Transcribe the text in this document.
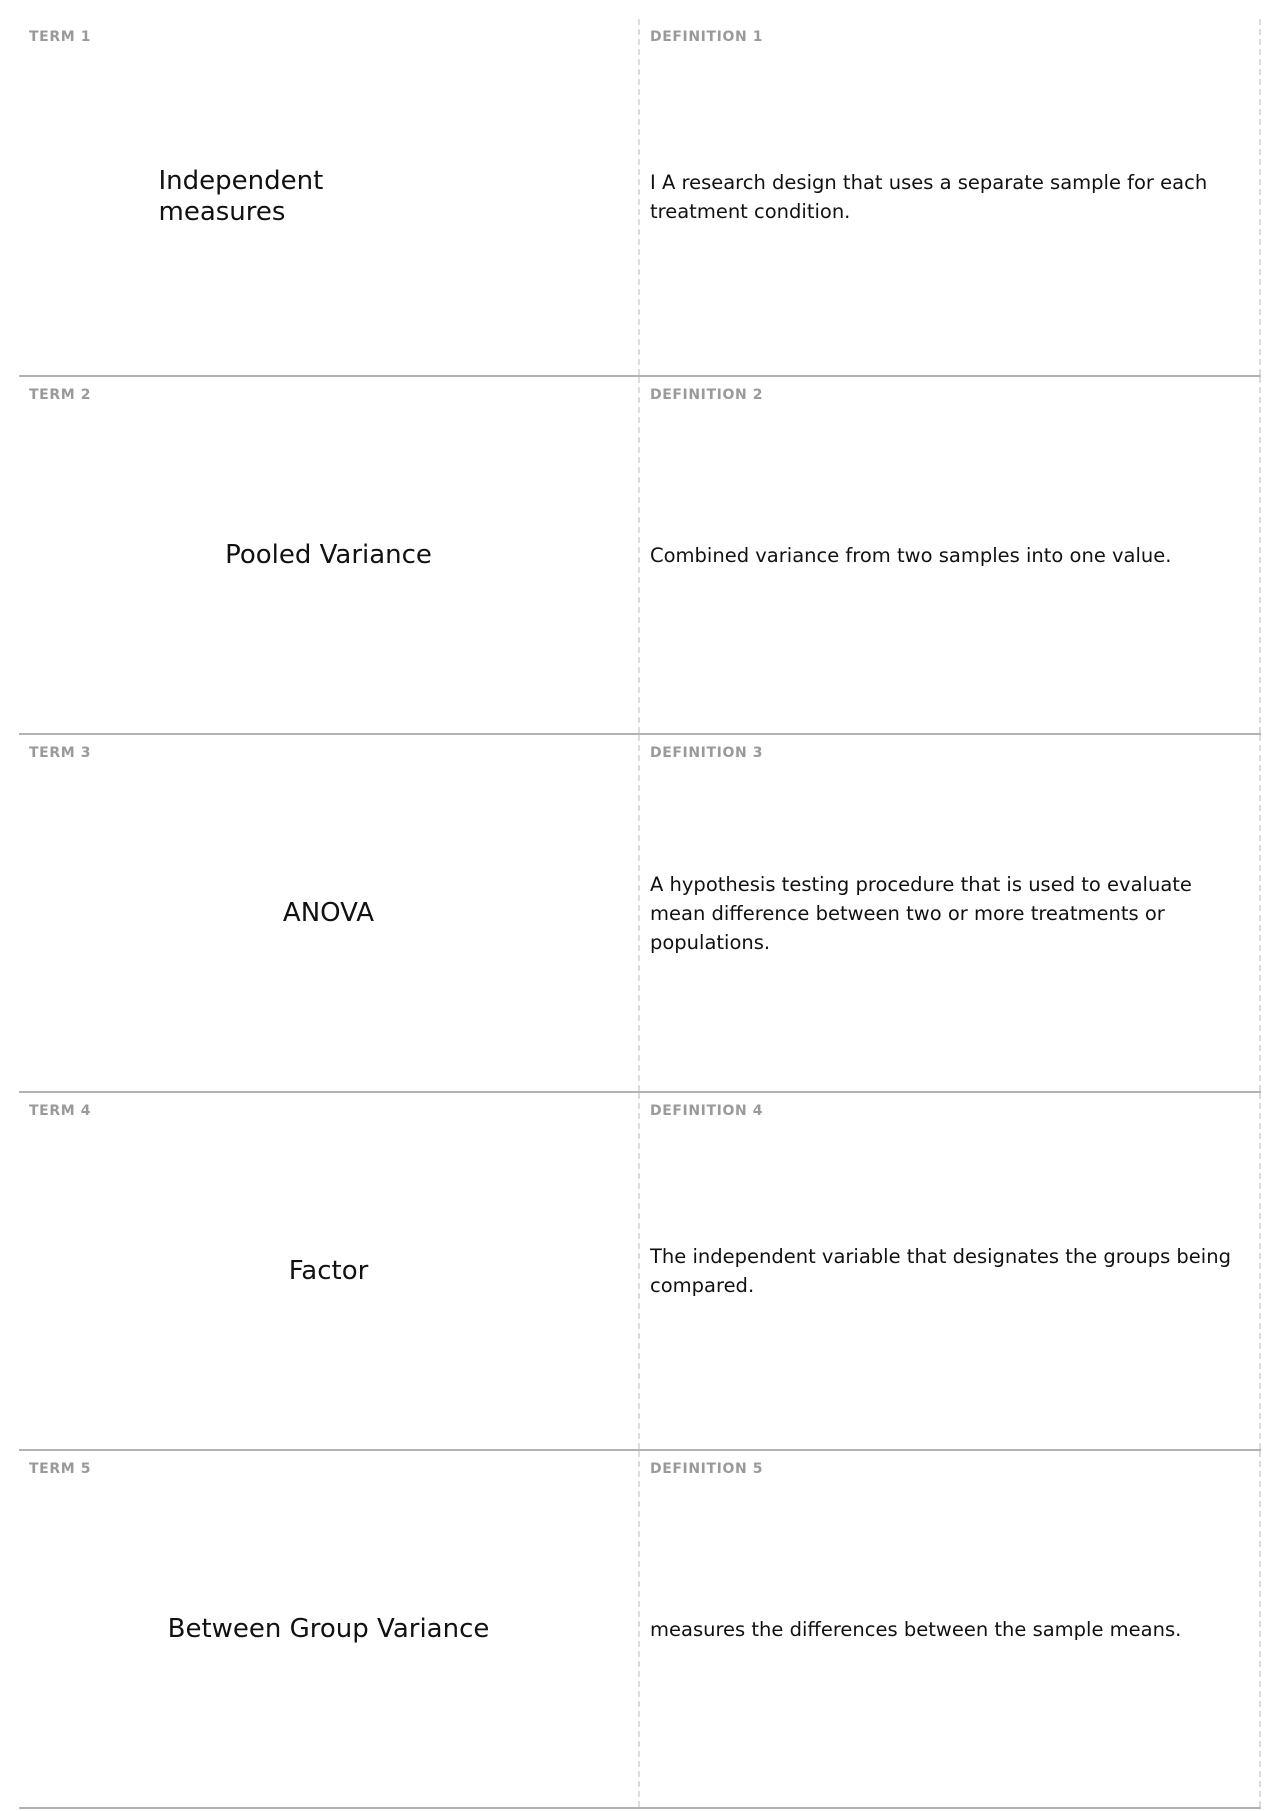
TERM 1
Independent measures
DEFINITION 1
I A research design that uses a separate sample for each treatment condition.
TERM 2
Pooled Variance
DEFINITION 2
Combined variance from two samples into one value.
TERM 3
ANOVA
DEFINITION 3
A hypothesis testing procedure that is used to evaluate mean difference between two or more treatments or populations.
TERM 4
Factor
DEFINITION 4
The independent variable that designates the groups being compared.
TERM 5
Between Group Variance
DEFINITION 5
measures the differences between the sample means.
